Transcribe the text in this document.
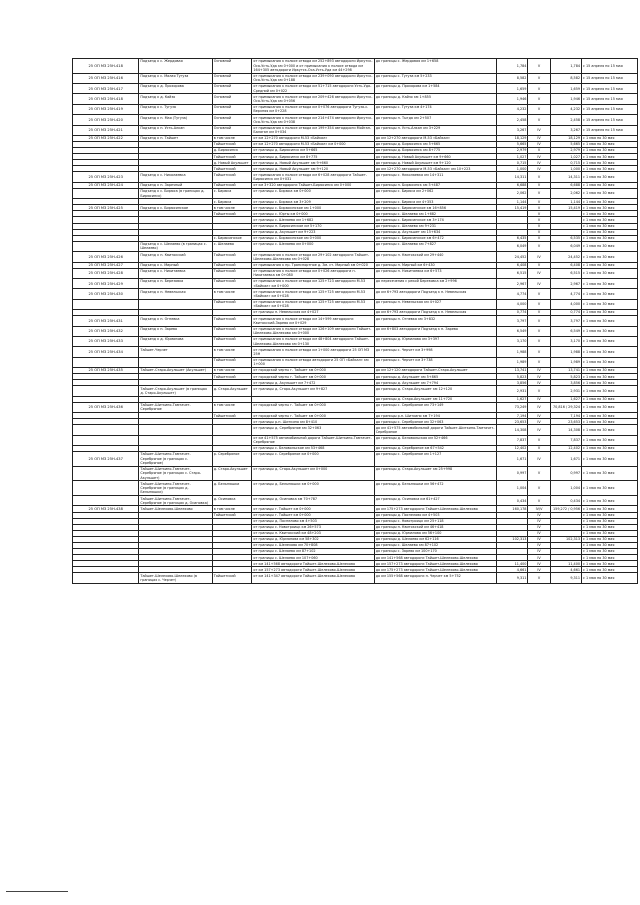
25 ОП МЗ 25Н-418	Подъезд к с. Жердовая	Основной	от примыкания к полосе отвода км 252+893 автодороги Иркутск-Оса-Усть-Уда км 0+000 и от примыкания к полосе отвода км 164+305 автодороги Иркутск-Оса-Усть-Уда км 44+298	до границы с. Жердовая км 1+658	1,784	V	1,784	с 15 апреля по 15 мая
25 ОП МЗ 25Н-416	Подъезд к с. Малая Тугуза	Основной	от примыкания к полосе отвода км 239+090 автодороги Иркутск-Оса-Усть-Уда км 0+188	до границы с. Тугуза км 5+233	8,582	V	8,582	с 15 апреля по 15 мая
25 ОП МЗ 25Н-417	Подъезд к д. Прохорова	Основной	от примыкания к полосе отвода км 51+715 автодороги Усть-Уда-Средний км 0+022	до границы д. Прохорова км 1+584	1,659	V	1,659	с 15 апреля по 15 мая
25 ОП МЗ 25Н-418	Подъезд к д. Кайзо	Основной	от примыкания к полосе отвода км 209+426 автодороги Иркутск-Оса-Усть-Уда км 0+056	до границы д. Кайзо км 1+855	1,946	V	1,946	с 15 апреля по 15 мая
25 ОП МЗ 25Н-419	Подъезд к с. Тугуза	Основной	от примыкания к полосе отвода км 0+076 автодороги Тугуза-с. Верхняя км 0+228	до границы с. Тугуза км 4+174	4,232	V	4,232	с 15 апреля по 15 мая
25 ОП МЗ 25Н-420	Подъезд к п. Мая (Тугуза)	Основной	от примыкания к полосе отвода км 214+474 автодороги Иркутск-Оса-Усть-Уда км 0+038	до границы п. Тыгда км 2+507	2,458	V	2,458	с 15 апреля по 15 мая
25 ОП МЗ 25Н-421	Подъезд к п. Усть-Алкан	Основной	от примыкания к полосе отвода км 199+354 автодороги Мойган-Балаган км 0+034	до границы п. Усть-Алкан км 3+229	3,267	IV	3,267	с 15 апреля по 15 мая
25 ОП МЗ 25Н-422	Подъезд к п. Тайшет	в том числе	от км 12+270 автодороги М-53 «Байкал»	до км 12+270 автодороги М-53 «Байкал»	18,129	IV	18,129	с 1 мая по 30 мая
		Тайшетский	от км 12+270 автодороги М-53 «Байкал» км 0+000	до границы д. Бирюсинск км 5+665	5,665	IV	5,665	с 1 мая по 30 мая
		д. Бирюсинск	от границы д. Бирюсинск км 5+665	до границы д. Бирюсинск км 8+775	2,979	V	2,979	с 1 мая по 30 мая
		Тайшетский	от границы д. Бирюсинск км 8+775	до границы д. Новый Акульшет км 9+660	1,027	IV	1,027	с 1 мая по 30 мая
		д. Новый Акульшет	от границы д. Новый Акульшет км 9+660	до границы д. Новый Акульшет км 9+120	0,715	IV	0,715	с 1 мая по 30 мая
		Тайшетский	от границы д. Новый Акульшет км 9+120	до км 12+270 автодороги М-53 «Байкал» км 10+223	1,000	IV	1,000	с 1 мая по 30 мая
25 ОП МЗ 25Н-423	Подъезд к с. Николаевка	Тайшетский	от примыкания к полосе отвода км 6+028 автодороги Тайшет-Бирюсинск км 0+031	до границы с. Николаевка км 14+311	14,311	V	14,311	с 1 мая по 30 мая
25 ОП МЗ 25Н-424	Подъезд к п. Заречный	Тайшетский	от км 3+320 автодороги Тайшет-Бирюсинск км 0+000	до границы п. Бирюсинск км 5+487	6,688	V	6,688	с 1 мая по 30 мая
	Подъезд к с. Бирюса (в границах д. Бирюсинск)	с. Бирюса	от границы с. Бирюса км 0+000	до границы с. Бирюса км 2+062	2,062	V	2,062	с 1 мая по 30 мая
		с. Бирюса	от границы с. Бирюса км 3+209	до границы с. Бирюса км 4+353	1,144	V	1,144	с 1 мая по 30 мая
25 ОП МЗ 25Н-425	Подъезд к с. Бирюсинское	в том числе	от границы с. Бирюсинское км 1+000	до границы с. Бирюсинское км 16+856	15,419	V	15,419	с 1 мая по 30 мая
		Тайшетский	от границы с. Юрты км 0+000	до границы с. Шелаево км 1+682		V		с 1 мая по 30 мая
			от границы с. Шелаево км 1+682	до границы с. Бирюсинское км 3+174		V		с 1 мая по 30 мая
			от границы п. Бирюсинское км 5+170	до границы с. Шелаево км 9+231		V		с 1 мая по 30 мая
			от границы д. Акульшет км 9+223	до границы д. Акульшет км 15+634		V		с 1 мая по 30 мая
		с. Бирюсинское	от границы с. Бирюсинское км 0+000	до границы с. Бирюсинское км 6+472	6,435	V	6,535	с 1 мая по 30 мая
	Подъезд к с. Шелаево (в границах с. Шелаево)	с. Шелаево	от границы с. Шелаево км 0+000	до границы с. Шелаево км 7+827	6,049	V	6,049	с 1 мая по 30 мая
25 ОП МЗ 25Н-426	Подъезд к п. Квитокский	Тайшетский	от примыкания к полосе отвода км 29+102 автодороги Тайшет-Шелехово-Шелехово км 0+028	до границы п. Квитокский км 29+440	24,452	IV	24,452	с 1 мая по 30 мая
25 ОП МЗ 25Н-427	Подъезд к с. Мирный	Тайшетский	от примыкания к пр. Транспортное д. Зм. ст. Мирный км 0+020	до границы п. Мирный км 6+430	6,408	V	6,408	с 1 мая по 30 мая
25 ОП МЗ 25Н-428	Подъезд к с. Никитаевка	Тайшетский	от примыкания к полосе отвода км 0+026 автодороги п. Никитаевка км 0+080	до границы п. Никитаевка км 6+573	6,515	IV	6,515	с 1 мая по 30 мая
25 ОП МЗ 25Н-429	Подъезд к п. Березовка	Тайшетский	от примыкания к полосе отвода км 125+723 автодороги М-53 «Байкал» км 0+000	до пересечения с рекой Березовка км 2+996	2,967	IV	2,967	с 1 мая по 30 мая
25 ОП МЗ 25Н-430	Подъезд к п. Невельская	в том числе	от примыкания к полосе отвода км 125+725 автодороги М-53 «Байкал» км 0+028	до км 6+793 автодороги Подъезд к п. Невельская	4,774	V	4,774	с 1 мая по 30 мая
		Тайшетский	от примыкания к полосе отвода км 125+725 автодороги М-53 «Байкал» км 0+028	до границы п. Невельская км 4+027	4,000	V	4,000	с 1 мая по 30 мая
			от границы п. Невельская км 4+027	до км 6+793 автодороги Подъезд к п. Невельская	0,774	V	0,774	с 1 мая по 30 мая
25 ОП МЗ 25Н-431	Подъезд к п. Огневка	Тайшетский	от примыкания к полосе отвода км 14+599 автодороги Квитокский-Зарево км 0+029	до границы п. Огневка км 3+832	3,797	V	3,797	с 1 мая по 30 мая
25 ОП МЗ 25Н-432	Подъезд к п. Зарево	Тайшетский	от примыкания к полосе отвода км 126+109 автодороги Тайшет-Шелехово-Шелехово км 0+000	до км 6+803 автодороги Подъезд к п. Зарево	6,549	V	6,549	с 1 мая по 30 мая
25 ОП МЗ 25Н-433	Подъезд к д. Юрманова	Тайшетский	от примыкания к полосе отвода км 48+804 автодороги Тайшет-Шелехово-Шелехово км 0+130	до границы д. Юрманова км 3+397	3,170	V	3,170	с 1 мая по 30 мая
25 ОП МЗ 25Н-434	Тайшет-Черчет	в том числе	от примыкания к полосе отвода км 1+000 автодороги 25 ОП МЗ 25Н	до границы с. Черчет км 3+998	1,988	V	1,988	с 1 мая по 30 мая
		Тайшетский	от примыкания к полосе отвода автодороги 25 ОП «Байкал» км 1+000	до границы с. Черчет км 3+738	1,989	V	1,989	с 1 мая по 30 мая
25 ОП МЗ 25Н-435	Тайшет-Старо-Акульшет (Акульшет)	в том числе	от городской черты г. Тайшет км 0+000	до км 12+120 автодороги Тайшет-Старо-Акульшет	13,741	IV	13,741	с 1 мая по 30 мая
		Тайшетский	от городской черты г. Тайшет км 0+000	до границы д. Акульшет км 5+865	5,823	IV	5,823	с 1 мая по 30 мая
			от границы д. Акульшет км 7+472	до границы д. Акульшет км 7+794	3,856	IV	3,856	с 1 мая по 30 мая
	Тайшет-Старо-Акульшет (в границах д. Старо-Акульшет)	д. Старо-Акульшет	от границы д. Старо-Акульшет км 9+827	до границы д. Старо-Акульшет км 12+120	2,931	V	2,931	с 1 мая по 30 мая
				до границы д. Старо-Акульшет км 11+720	1,627	IV	1,627	с 1 мая по 30 мая
25 ОП МЗ 25Н-436	Тайшет-Шиткино-Тамтачет-Серебряное	в том числе	от городской черты г. Тайшет км 0+000	до границы с. Серебряное км 73+149	73,249	IV	70,816 / 29,324	с 1 мая по 30 мая
		Тайшетский	от городской черты г. Тайшет км 0+000	до границы р.п. Шиткино км 7+194	7,194	IV	7,194	с 1 мая по 30 мая
			от границы р.п. Шиткино км 8+410	до границы с. Серебряное км 32+063	23,653	IV	23,653	с 1 мая по 30 мая
			от границы д. Серебряное км 32+063	до км 41+575 автомобильной дороги Тайшет-Шиткино-Тамтачет-Серебряное	14,308	IV	14,308	с 1 мая по 30 мая
			от км 41+575 автомобильной дороги Тайшет-Шиткино-Тамтачет-Серебряное	до границы д. Беловольская км 52+466	7,837	V	7,837	с 1 мая по 30 мая
			от границы с. Беловольское км 53+468	до границы д. Серебряное км 67+542	12,402	V	12,402	с 1 мая по 30 мая
25 ОП МЗ 25Н-437	Тайшет-Шиткино-Тамтачет-Серебряное (в границах с. Серебряное)	р. Серебряное	от границы с. Серебряное км 0+000	до границы с. Серебряное км 1+127	1,671	IV	1,671	с 1 мая по 30 мая
	Тайшет-Шиткино-Тамтачет-Серебряное (в границах с. Старо-Акульшет)	д. Старо-Акульшет	от границы д. Старо-Акульшет км 0+000	до границы д. Старо-Акульшет км 25+998	0,997	V	0,997	с 1 мая по 30 мая
	Тайшет-Шиткино-Тамтачет-Серебряное (в границах д. Бельнюшки)	д. Бельнюшки	от границы д. Бельнюшки км 0+000	до границы д. Бельнюшки км 56+472	1,004	V	1,004	с 1 мая по 30 мая
	Тайшет-Шиткино-Тамтачет-Серебряное (в границах д. Осиновка)	д. Осиновка	от границы д. Осиновка км 70+787	до границы д. Осиновка км 61+427	0,434	V	0,434	с 1 мая по 30 мая
25 ОП МЗ 25Н-438	Тайшет-Шелехово-Шелехово	в том числе	от границы г. Тайшет км 0+000	до км 175+273 автодороги Тайшет-Шелехово-Шелехово	160,178	IV/V	159,272 / 0,956	с 1 мая по 30 мая
		Тайшетский	от границы г. Тайшет км 0+000	до границы д. Поспелово км 4+503		IV		с 1 мая по 30 мая
			от границы д. Поспелово км 4+503	до границы с. Новотроицк км 25+118		IV		с 1 мая по 30 мая
			от границы с. Новотроицк км 26+573	до границы п. Квитокский км 46+418		IV		с 1 мая по 30 мая
			от границы п. Квитокский км 48+203	до границы д. Юрманова км 56+100		IV		с 1 мая по 30 мая
			от границы д. Юрманова км 58+302	до границы д. Шелаево км 62+116	102,313	IV	102,313	с 1 мая по 30 мая
			от границы с. Шелехово км 70+808	до границы с. Шелаево км 87+102		IV		с 1 мая по 30 мая
			от границы с. Шелаево км 87+102	до границы с. Зарево км 100+170		IV		с 1 мая по 30 мая
			от границы с. Шелаево км 107+060	до км 141+568 автодороги Тайшет-Шелехово-Шелехово		IV		с 1 мая по 30 мая
			от км 141+568 автодороги Тайшет-Шелехово-Шелехово	до км 157+273 автодороги Тайшет-Шелехово-Шелехово	11,400	IV	11,400	с 1 мая по 30 мая
			от км 157+273 автодороги Тайшет-Шелехово-Шелехово	до км 175+273 автодороги Тайшет-Шелехово-Шелехово	4,661	IV	4,661	с 1 мая по 30 мая
	Тайшет-Шелехово-Шелехово (в границах с. Черчет)	Тайшетский	от км 141+347 автодороги Тайшет-Шелехово-Шелехово	до км 155+568 автодороги п. Черчет км 5+752	9,311	V	9,311	с 1 мая по 30 мая
